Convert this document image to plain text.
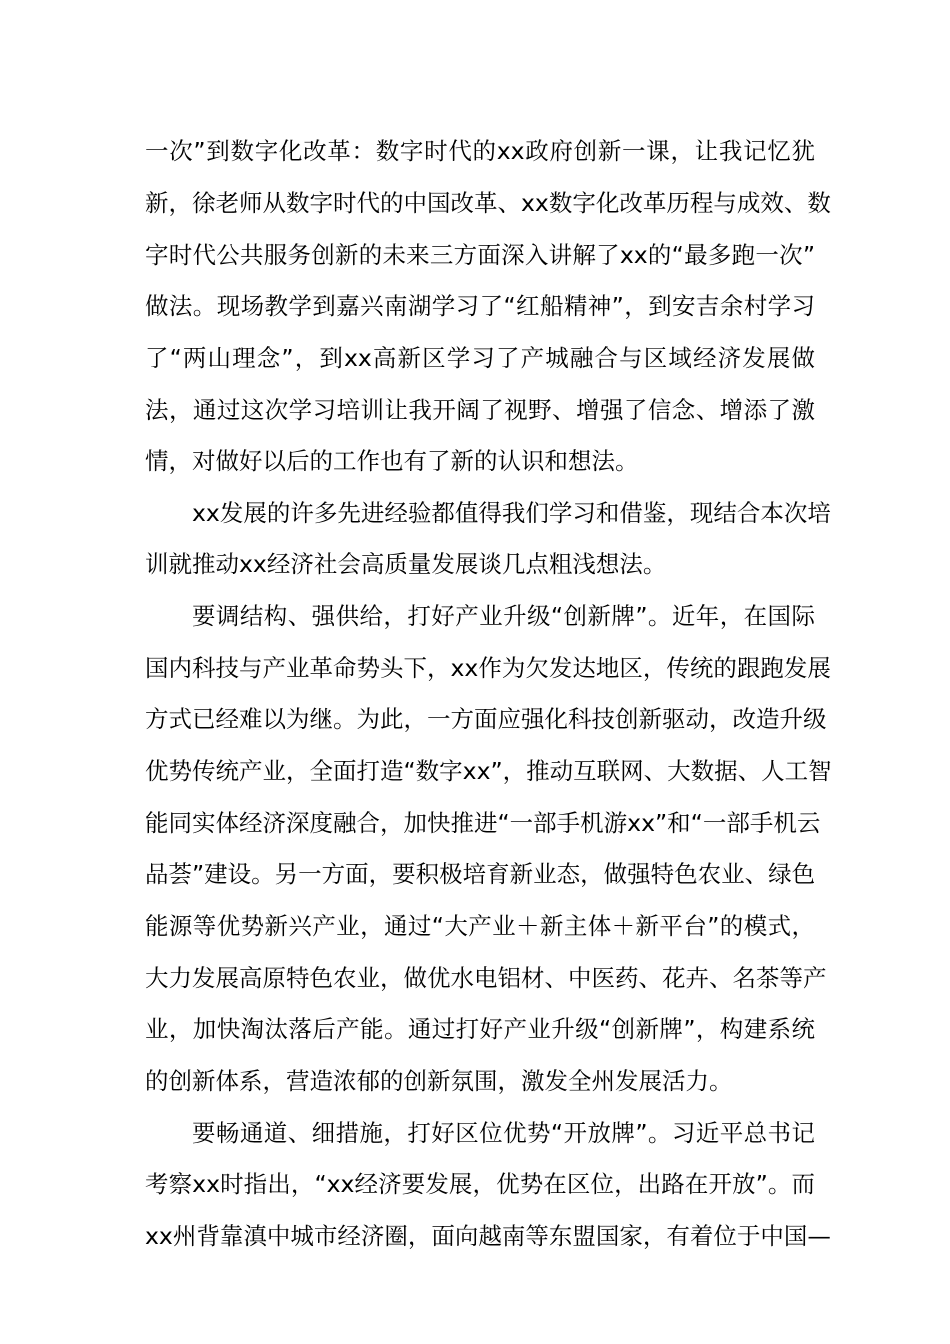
一次”到数字化改革：数字时代的xx政府创新一课，让我记忆犹
新，徐老师从数字时代的中国改革、xx数字化改革历程与成效、数
字时代公共服务创新的未来三方面深入讲解了xx的“最多跑一次”
做法。现场教学到嘉兴南湖学习了“红船精神”，到安吉余村学习
了“两山理念”，到xx高新区学习了产城融合与区域经济发展做
法，通过这次学习培训让我开阔了视野、增强了信念、增添了激
情，对做好以后的工作也有了新的认识和想法。
xx发展的许多先进经验都值得我们学习和借鉴，现结合本次培
训就推动xx经济社会高质量发展谈几点粗浅想法。
要调结构、强供给，打好产业升级“创新牌”。近年，在国际
国内科技与产业革命势头下，xx作为欠发达地区，传统的跟跑发展
方式已经难以为继。为此，一方面应强化科技创新驱动，改造升级
优势传统产业，全面打造“数字xx”，推动互联网、大数据、人工智
能同实体经济深度融合，加快推进“一部手机游xx”和“一部手机云
品荟”建设。另一方面，要积极培育新业态，做强特色农业、绿色
能源等优势新兴产业，通过“大产业＋新主体＋新平台”的模式，
大力发展高原特色农业，做优水电铝材、中医药、花卉、名茶等产
业，加快淘汰落后产能。通过打好产业升级“创新牌”，构建系统
的创新体系，营造浓郁的创新氛围，激发全州发展活力。
要畅通道、细措施，打好区位优势“开放牌”。习近平总书记
考察xx时指出，“xx经济要发展，优势在区位，出路在开放”。而
xx州背靠滇中城市经济圈，面向越南等东盟国家，有着位于中国—
